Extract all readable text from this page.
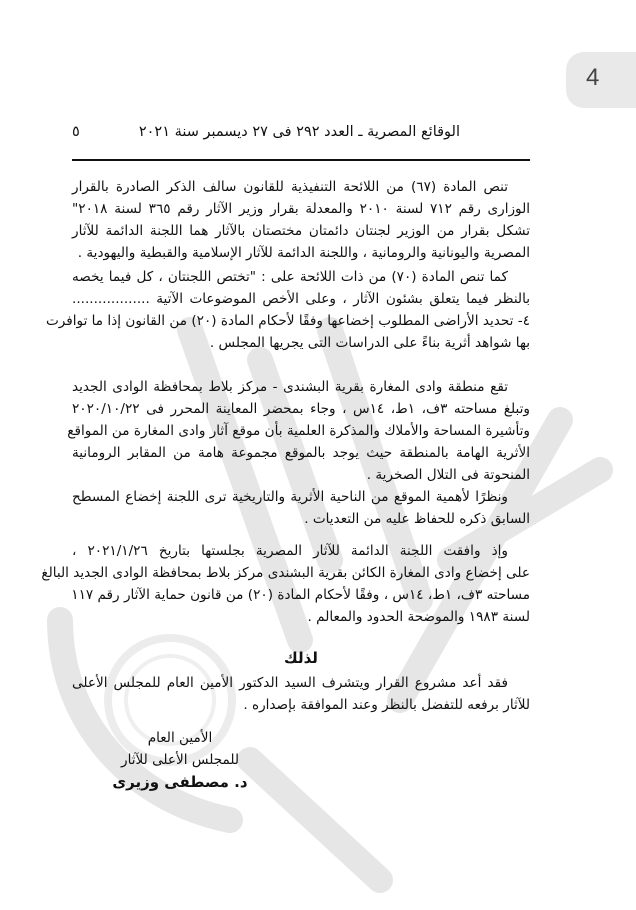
4
الوقائع المصرية ـ العدد ٢٩٢ فى ٢٧ ديسمبر سنة ٢٠٢١
٥
تنص المادة (٦٧) من اللائحة التنفيذية للقانون سالف الذكر الصادرة بالقرار
الوزارى رقم ٧١٢ لسنة ٢٠١٠ والمعدلة بقرار وزير الآثار رقم ٣٦٥ لسنة ٢٠١٨"
تشكل بقرار من الوزير لجنتان دائمتان مختصتان بالآثار هما اللجنة الدائمة للآثار
المصرية واليونانية والرومانية ، واللجنة الدائمة للآثار الإسلامية والقبطية واليهودية .
كما تنص المادة (٧٠) من ذات اللائحة على : "تختص اللجنتان ، كل فيما يخصه
بالنظر فيما يتعلق بشئون الآثار ، وعلى الأخص الموضوعات الآتية ..................
٤- تحديد الأراضى المطلوب إخضاعها وفقًا لأحكام المادة (٢٠) من القانون إذا ما توافرت
بها شواهد أثرية بناءً على الدراسات التى يجريها المجلس .
تقع منطقة وادى المغارة بقرية البشندى - مركز بلاط بمحافظة الوادى الجديد
وتبلغ مساحته ٣ف، ١ط، ١٤س ، وجاء بمحضر المعاينة المحرر فى ٢٠٢٠/١٠/٢٢
وتأشيرة المساحة والأملاك والمذكرة العلمية بأن موقع آثار وادى المغارة من المواقع
الأثرية الهامة بالمنطقة حيث يوجد بالموقع مجموعة هامة من المقابر الرومانية
المنحوتة فى التلال الصخرية .
ونظرًا لأهمية الموقع من الناحية الأثرية والتاريخية ترى اللجنة إخضاع المسطح
السابق ذكره للحفاظ عليه من التعديات .
وإذ وافقت اللجنة الدائمة للآثار المصرية بجلستها بتاريخ ٢٠٢١/١/٢٦ ،
على إخضاع وادى المغارة الكائن بقرية البشندى مركز بلاط بمحافظة الوادى الجديد البالغ
مساحته ٣ف، ١ط، ١٤س ، وفقًا لأحكام المادة (٢٠) من قانون حماية الآثار رقم ١١٧
لسنة ١٩٨٣ والموضحة الحدود والمعالم .
لذلك
فقد أعد مشروع القرار ويتشرف السيد الدكتور الأمين العام للمجلس الأعلى
للآثار برفعه للتفضل بالنظر وعند الموافقة بإصداره .
الأمين العام
للمجلس الأعلى للآثار
د. مصطفى وزيرى
